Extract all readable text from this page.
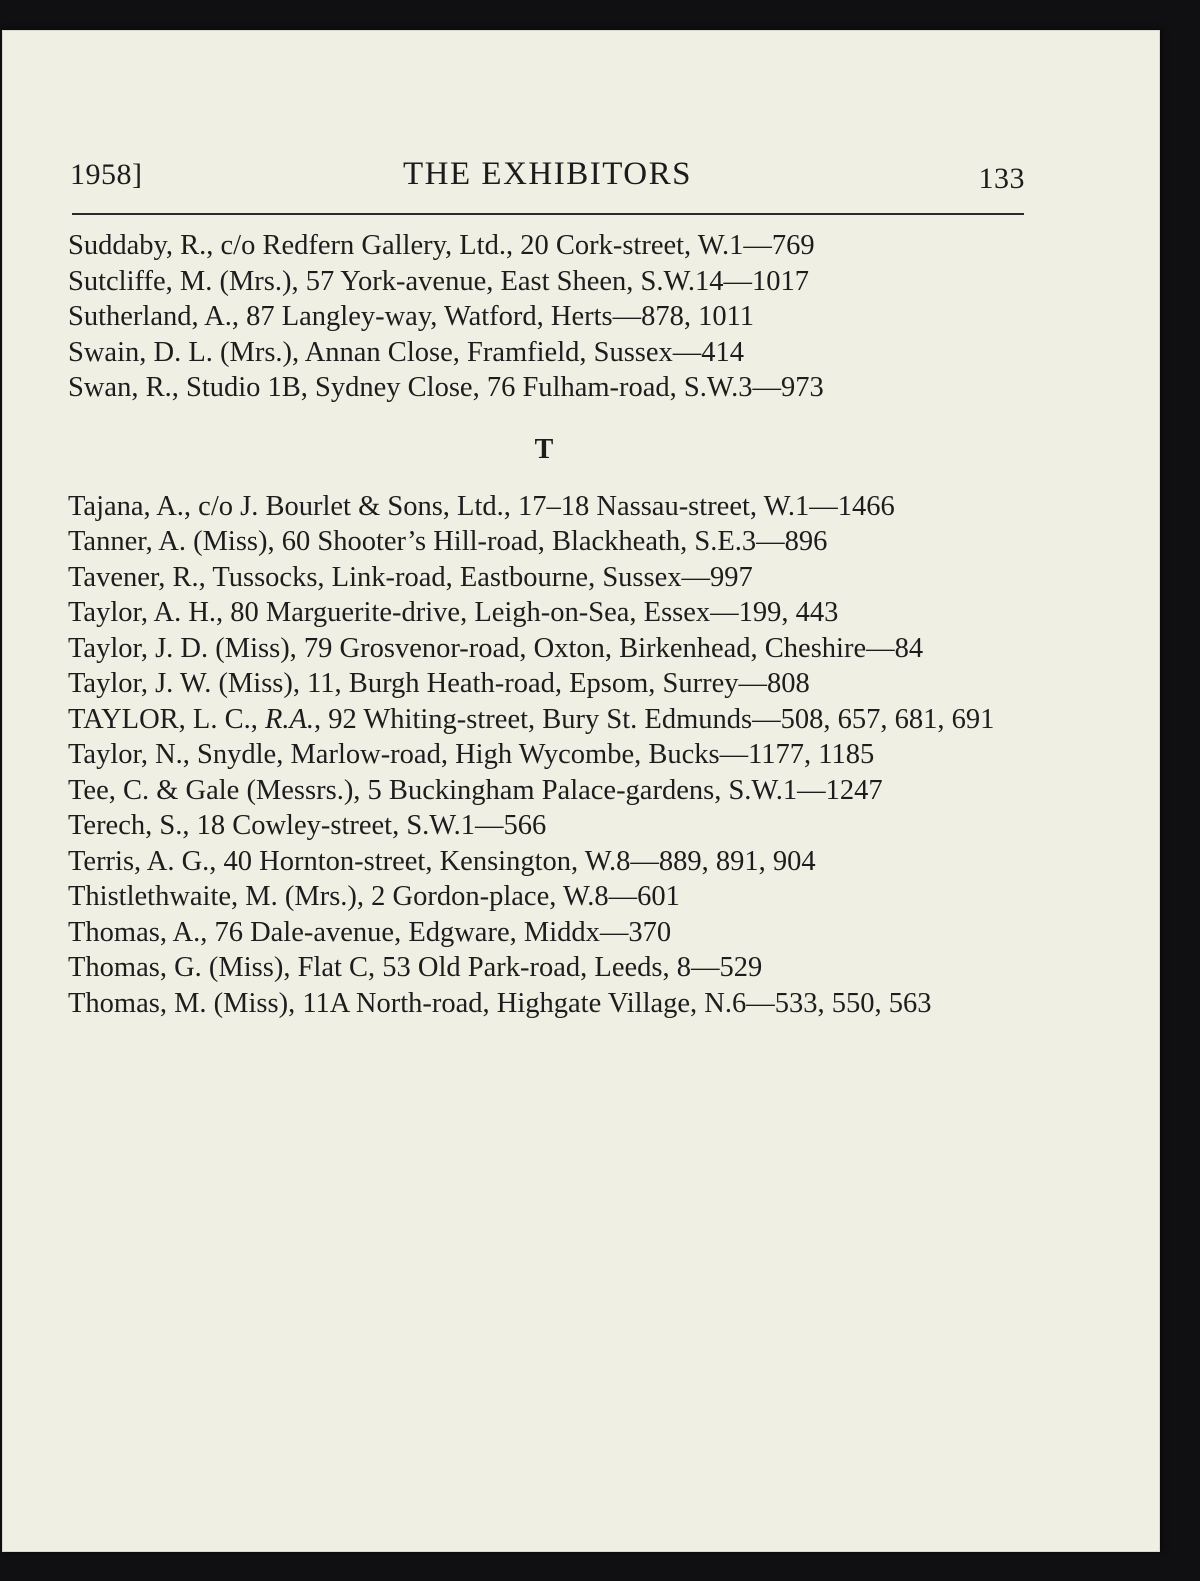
1958]	THE EXHIBITORS	133

Suddaby, R., c/o Redfern Gallery, Ltd., 20 Cork-street, W.1—769

Sutcliffe, M. (Mrs.), 57 York-avenue, East Sheen, S.W.14—1017

Sutherland, A., 87 Langley-way, Watford, Herts—878, 1011

Swain, D. L. (Mrs.), Annan Close, Framfield, Sussex—414

Swan, R., Studio 1B, Sydney Close, 76 Fulham-road, S.W.3—973

T

Tajana, A., c/o J. Bourlet & Sons, Ltd., 17–18 Nassau-street, W.1—1466

Tanner, A. (Miss), 60 Shooter’s Hill-road, Blackheath, S.E.3—896

Tavener, R., Tussocks, Link-road, Eastbourne, Sussex—997

Taylor, A. H., 80 Marguerite-drive, Leigh-on-Sea, Essex—199, 443

Taylor, J. D. (Miss), 79 Grosvenor-road, Oxton, Birkenhead, Cheshire—84

Taylor, J. W. (Miss), 11, Burgh Heath-road, Epsom, Surrey—808

TAYLOR, L. C., R.A., 92 Whiting-street, Bury St. Edmunds—508, 657, 681, 691

Taylor, N., Snydle, Marlow-road, High Wycombe, Bucks—1177, 1185

Tee, C. & Gale (Messrs.), 5 Buckingham Palace-gardens, S.W.1—1247

Terech, S., 18 Cowley-street, S.W.1—566

Terris, A. G., 40 Hornton-street, Kensington, W.8—889, 891, 904

Thistlethwaite, M. (Mrs.), 2 Gordon-place, W.8—601

Thomas, A., 76 Dale-avenue, Edgware, Middx—370

Thomas, G. (Miss), Flat C, 53 Old Park-road, Leeds, 8—529

Thomas, M. (Miss), 11A North-road, Highgate Village, N.6—533, 550, 563
